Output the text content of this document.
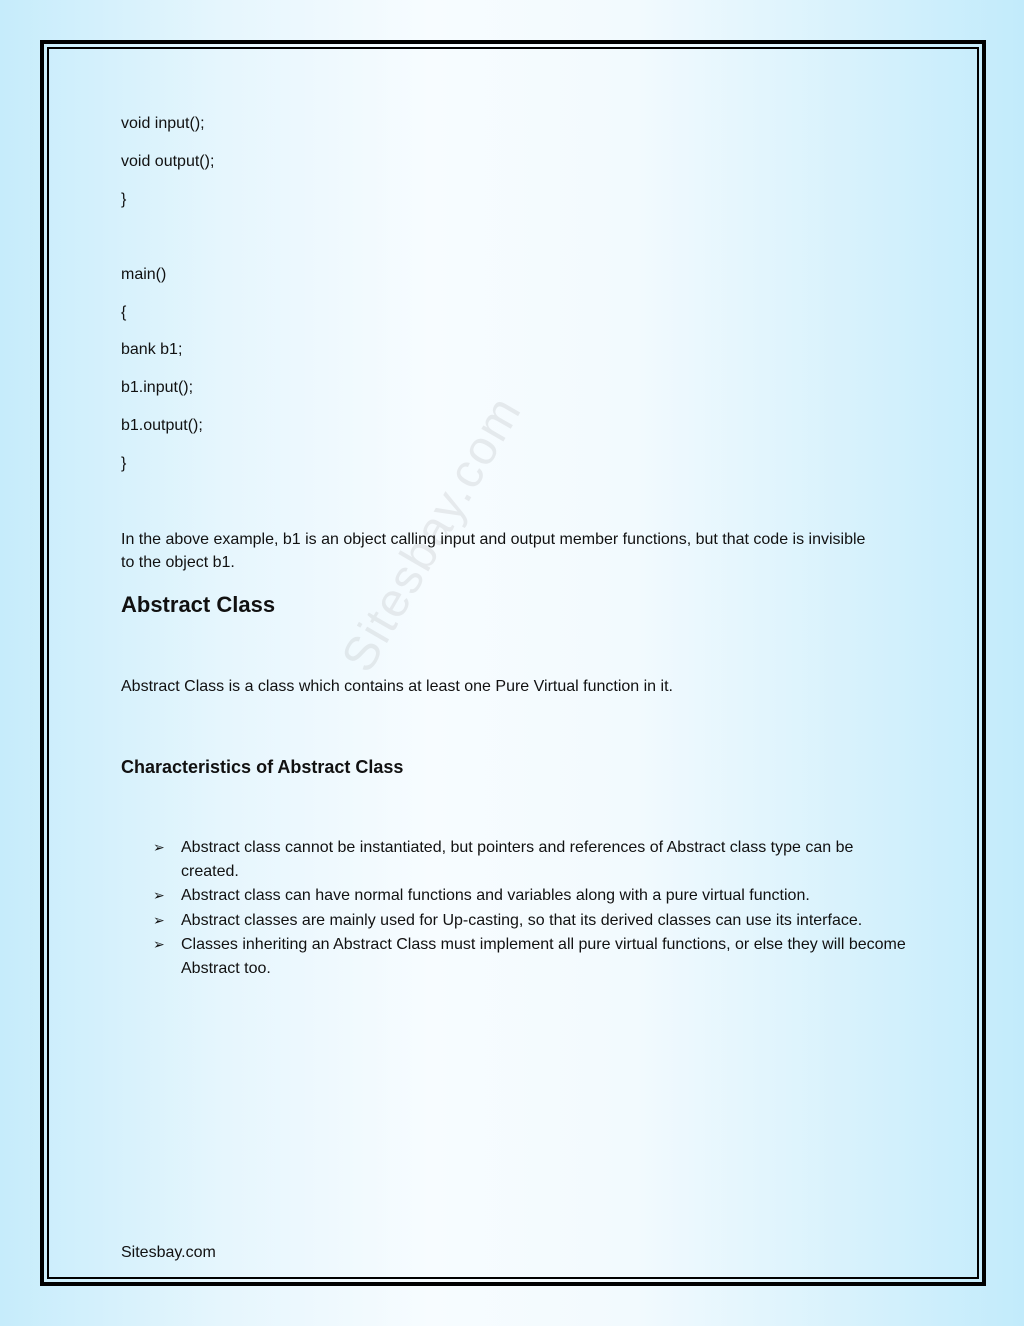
Sitesbay.com
void input();
void output();
}
main()
{
bank b1;
b1.input();
b1.output();
}
In the above example, b1 is an object calling input and output member functions, but that code is invisible to the object b1.
Abstract Class
Abstract Class is a class which contains at least one Pure Virtual function in it.
Characteristics of Abstract Class
➢ Abstract class cannot be instantiated, but pointers and references of Abstract class type can be created.
➢ Abstract class can have normal functions and variables along with a pure virtual function.
➢ Abstract classes are mainly used for Up-casting, so that its derived classes can use its interface.
➢ Classes inheriting an Abstract Class must implement all pure virtual functions, or else they will become Abstract too.
Sitesbay.com
